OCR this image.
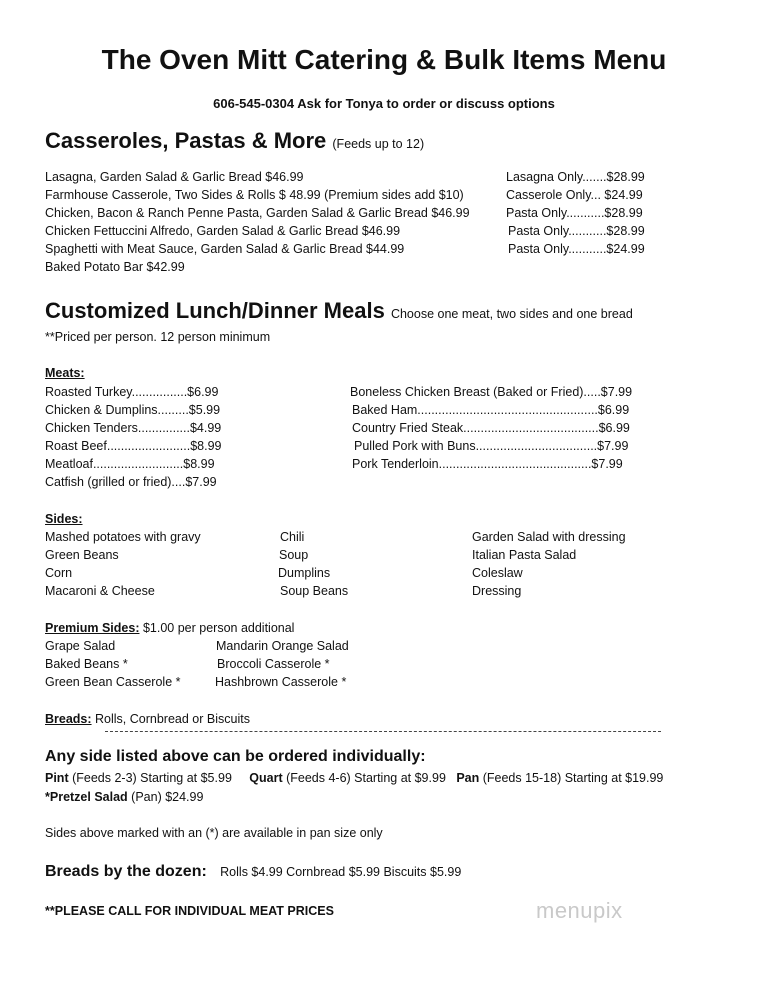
The Oven Mitt Catering & Bulk Items Menu
606-545-0304 Ask for Tonya to order or discuss options
Casseroles, Pastas & More (Feeds up to 12)
Lasagna, Garden Salad & Garlic Bread $46.99
Farmhouse Casserole, Two Sides & Rolls $ 48.99 (Premium sides add $10)
Chicken, Bacon & Ranch Penne Pasta, Garden Salad & Garlic Bread $46.99
Chicken Fettuccini Alfredo, Garden Salad & Garlic Bread $46.99
Spaghetti with Meat Sauce, Garden Salad & Garlic Bread $44.99
Baked Potato Bar $42.99
Lasagna Only.......$28.99
Casserole Only... $24.99
Pasta Only...........$28.99
Pasta Only...........$28.99
Pasta Only...........$24.99
Customized Lunch/Dinner Meals Choose one meat, two sides and one bread
**Priced per person. 12 person minimum
Meats:
Roasted Turkey................$6.99
Chicken & Dumplins.........$5.99
Chicken Tenders...............$4.99
Roast Beef........................$8.99
Meatloaf..........................$8.99
Catfish (grilled or fried)....$7.99
Boneless Chicken Breast (Baked or Fried).....$7.99
Baked Ham....................................................$6.99
Country Fried Steak.......................................$6.99
Pulled Pork with Buns...................................$7.99
Pork Tenderloin............................................$7.99
Sides:
Mashed potatoes with gravy
Green Beans
Corn
Macaroni & Cheese
Chili
Soup
Dumplins
Soup Beans
Garden Salad with dressing
Italian Pasta Salad
Coleslaw
Dressing
Premium Sides: $1.00 per person additional
Grape Salad
Baked Beans *
Green Bean Casserole *
Mandarin Orange Salad
Broccoli Casserole *
Hashbrown Casserole *
Breads: Rolls, Cornbread or Biscuits
Any side listed above can be ordered individually:
Pint (Feeds 2-3) Starting at $5.99 Quart (Feeds 4-6) Starting at $9.99 Pan (Feeds 15-18) Starting at $19.99
*Pretzel Salad (Pan) $24.99
Sides above marked with an (*) are available in pan size only
Breads by the dozen: Rolls $4.99 Cornbread $5.99 Biscuits $5.99
**PLEASE CALL FOR INDIVIDUAL MEAT PRICES	menupix
